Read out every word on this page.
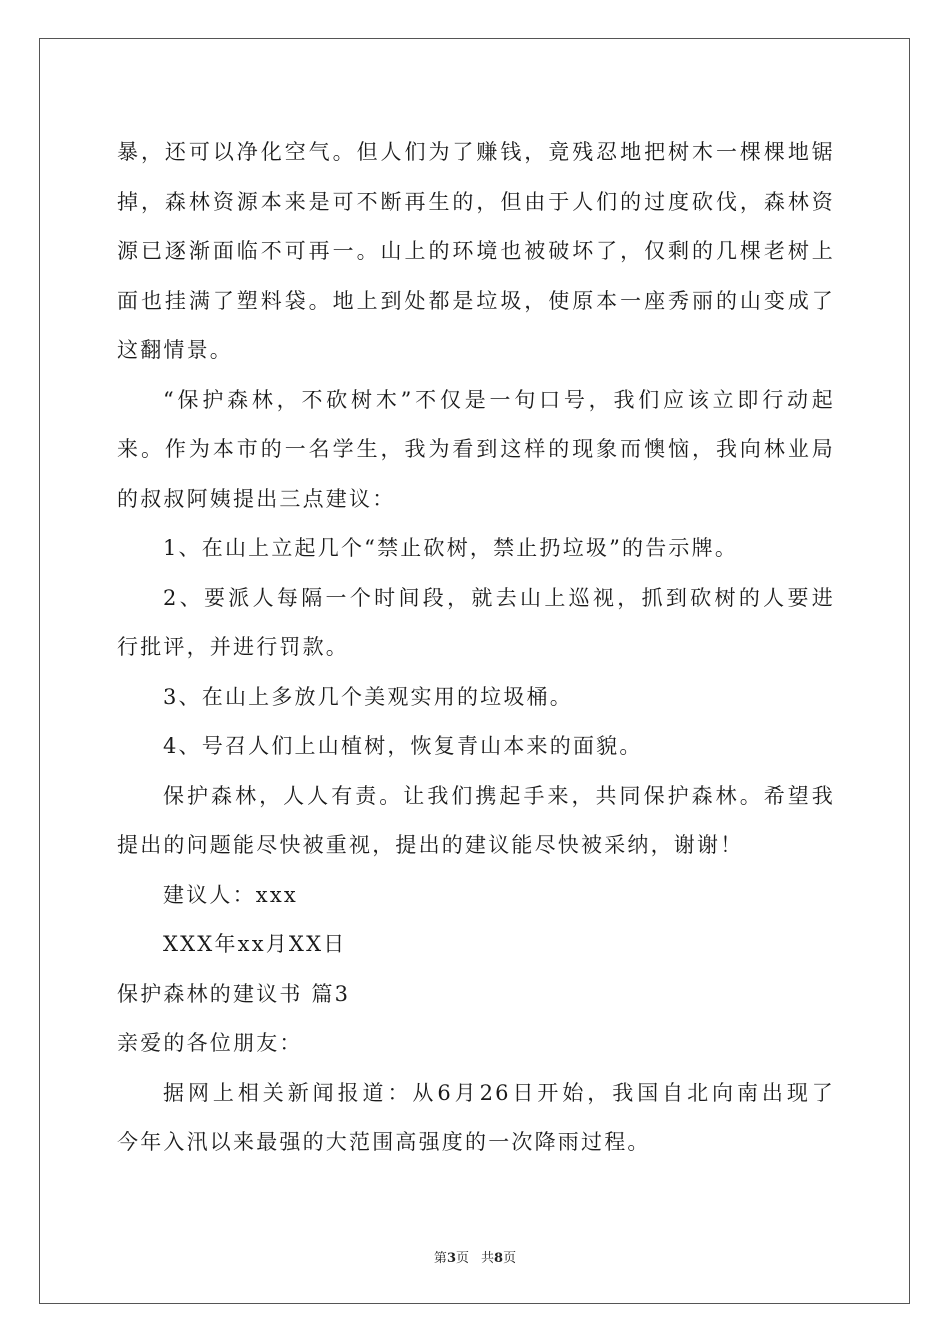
暴，还可以净化空气。但人们为了赚钱，竟残忍地把树木一棵棵地锯
掉，森林资源本来是可不断再生的，但由于人们的过度砍伐，森林资
源已逐渐面临不可再一。山上的环境也被破坏了，仅剩的几棵老树上
面也挂满了塑料袋。地上到处都是垃圾，使原本一座秀丽的山变成了
这翻情景。
“保护森林，不砍树木”不仅是一句口号，我们应该立即行动起
来。作为本市的一名学生，我为看到这样的现象而懊恼，我向林业局
的叔叔阿姨提出三点建议：
1、在山上立起几个“禁止砍树，禁止扔垃圾”的告示牌。
2、要派人每隔一个时间段，就去山上巡视，抓到砍树的人要进
行批评，并进行罚款。
3、在山上多放几个美观实用的垃圾桶。
4、号召人们上山植树，恢复青山本来的面貌。
保护森林，人人有责。让我们携起手来，共同保护森林。希望我
提出的问题能尽快被重视，提出的建议能尽快被采纳，谢谢！
建议人：xxx
XXX年xx月XX日
保护森林的建议书 篇3
亲爱的各位朋友：
据网上相关新闻报道：从6月26日开始，我国自北向南出现了
今年入汛以来最强的大范围高强度的一次降雨过程。
第3页 共8页
